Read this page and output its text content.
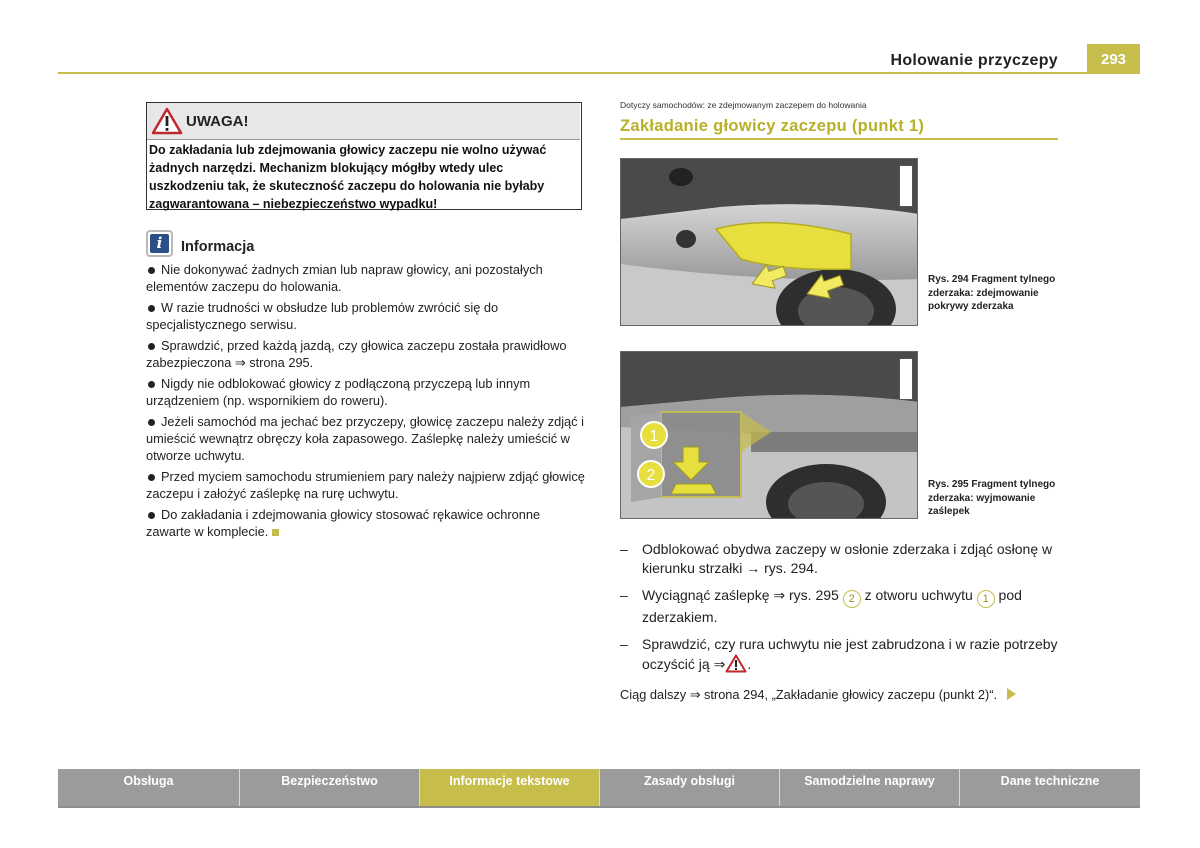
Holowanie przyczepy	293
UWAGA!
Do zakładania lub zdejmowania głowicy zaczepu nie wolno używać żadnych narzędzi. Mechanizm blokujący mógłby wtedy ulec uszkodzeniu tak, że skuteczność zaczepu do holowania nie byłaby zagwarantowana – niebezpieczeństwo wypadku!
i	Informacja
Nie dokonywać żadnych zmian lub napraw głowicy, ani pozostałych elementów zaczepu do holowania.
W razie trudności w obsłudze lub problemów zwrócić się do specjalistycznego serwisu.
Sprawdzić, przed każdą jazdą, czy głowica zaczepu została prawidłowo zabezpieczona ⇒ strona 295.
Nigdy nie odblokować głowicy z podłączoną przyczepą lub innym urządzeniem (np. wspornikiem do roweru).
Jeżeli samochód ma jechać bez przyczepy, głowicę zaczepu należy zdjąć i umieścić wewnątrz obręczy koła zapasowego. Zaślepkę należy umieścić w otworze uchwytu.
Przed myciem samochodu strumieniem pary należy najpierw zdjąć głowicę zaczepu i założyć zaślepkę na rurę uchwytu.
Do zakładania i zdejmowania głowicy stosować rękawice ochronne zawarte w komplecie.
Dotyczy samochodów: ze zdejmowanym zaczepem do holowania
Zakładanie głowicy zaczepu (punkt 1)
Rys. 294 Fragment tylnego zderzaka: zdejmowanie pokrywy zderzaka
1
2
Rys. 295 Fragment tylnego zderzaka: wyjmowanie zaślepek
– Odblokować obydwa zaczepy w osłonie zderzaka i zdjąć osłonę w kierunku strzałki → rys. 294.
– Wyciągnąć zaślepkę ⇒ rys. 295 2 z otworu uchwytu 1 pod zderzakiem.
– Sprawdzić, czy rura uchwytu nie jest zabrudzona i w razie potrzeby oczyścić ją ⇒ .
Ciąg dalszy ⇒ strona 294, „Zakładanie głowicy zaczepu (punkt 2)“.
Obsługa	Bezpieczeństwo	Informacje tekstowe	Zasady obsługi	Samodzielne naprawy	Dane techniczne
